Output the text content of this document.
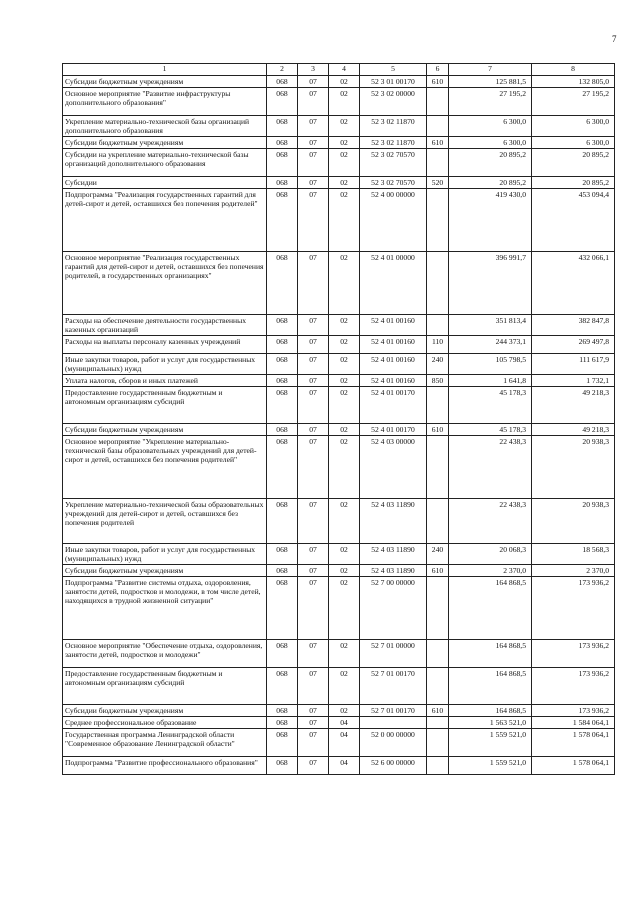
7
1	2	3	4	5	6	7	8
Субсидии бюджетным учреждениям	068	07	02	52 3 01 00170	610	125 881,5	132 805,0
Основное мероприятие "Развитие инфраструктуры дополнительного образования"	068	07	02	52 3 02 00000		27 195,2	27 195,2
Укрепление материально-технической базы организаций дополнительного образования	068	07	02	52 3 02 11870		6 300,0	6 300,0
Субсидии бюджетным учреждениям	068	07	02	52 3 02 11870	610	6 300,0	6 300,0
Субсидии на укрепление материально-технической базы организаций дополнительного образования	068	07	02	52 3 02 70570		20 895,2	20 895,2
Субсидии	068	07	02	52 3 02 70570	520	20 895,2	20 895,2
Подпрограмма "Реализация государственных гарантий для детей-сирот и детей, оставшихся без попечения родителей"	068	07	02	52 4 00 00000		419 430,0	453 094,4
Основное мероприятие "Реализация государственных гарантий для детей-сирот и детей, оставшихся без попечения родителей, в государственных организациях"	068	07	02	52 4 01 00000		396 991,7	432 066,1
Расходы на обеспечение деятельности государственных казенных организаций	068	07	02	52 4 01 00160		351 813,4	382 847,8
Расходы на выплаты персоналу казенных учреждений	068	07	02	52 4 01 00160	110	244 373,1	269 497,8
Иные закупки товаров, работ и услуг для государственных (муниципальных) нужд	068	07	02	52 4 01 00160	240	105 798,5	111 617,9
Уплата налогов, сборов и иных платежей	068	07	02	52 4 01 00160	850	1 641,8	1 732,1
Предоставление государственным бюджетным и автономным организациям субсидий	068	07	02	52 4 01 00170		45 178,3	49 218,3
Субсидии бюджетным учреждениям	068	07	02	52 4 01 00170	610	45 178,3	49 218,3
Основное мероприятие "Укрепление материально-технической базы образовательных учреждений для детей-сирот и детей, оставшихся без попечения родителей"	068	07	02	52 4 03 00000		22 438,3	20 938,3
Укрепление материально-технической базы образовательных учреждений для детей-сирот и детей, оставшихся без попечения родителей	068	07	02	52 4 03 11890		22 438,3	20 938,3
Иные закупки товаров, работ и услуг для государственных (муниципальных) нужд	068	07	02	52 4 03 11890	240	20 068,3	18 568,3
Субсидии бюджетным учреждениям	068	07	02	52 4 03 11890	610	2 370,0	2 370,0
Подпрограмма "Развитие системы отдыха, оздоровления, занятости детей, подростков и молодежи, в том числе детей, находящихся в трудной жизненной ситуации"	068	07	02	52 7 00 00000		164 868,5	173 936,2
Основное мероприятие "Обеспечение отдыха, оздоровления, занятости детей, подростков и молодежи"	068	07	02	52 7 01 00000		164 868,5	173 936,2
Предоставление государственным бюджетным и автономным организациям субсидий	068	07	02	52 7 01 00170		164 868,5	173 936,2
Субсидии бюджетным учреждениям	068	07	02	52 7 01 00170	610	164 868,5	173 936,2
Среднее профессиональное образование	068	07	04			1 563 521,0	1 584 064,1
Государственная программа Ленинградской области "Современное образование Ленинградской области"	068	07	04	52 0 00 00000		1 559 521,0	1 578 064,1
Подпрограмма "Развитие профессионального образования"	068	07	04	52 6 00 00000		1 559 521,0	1 578 064,1
